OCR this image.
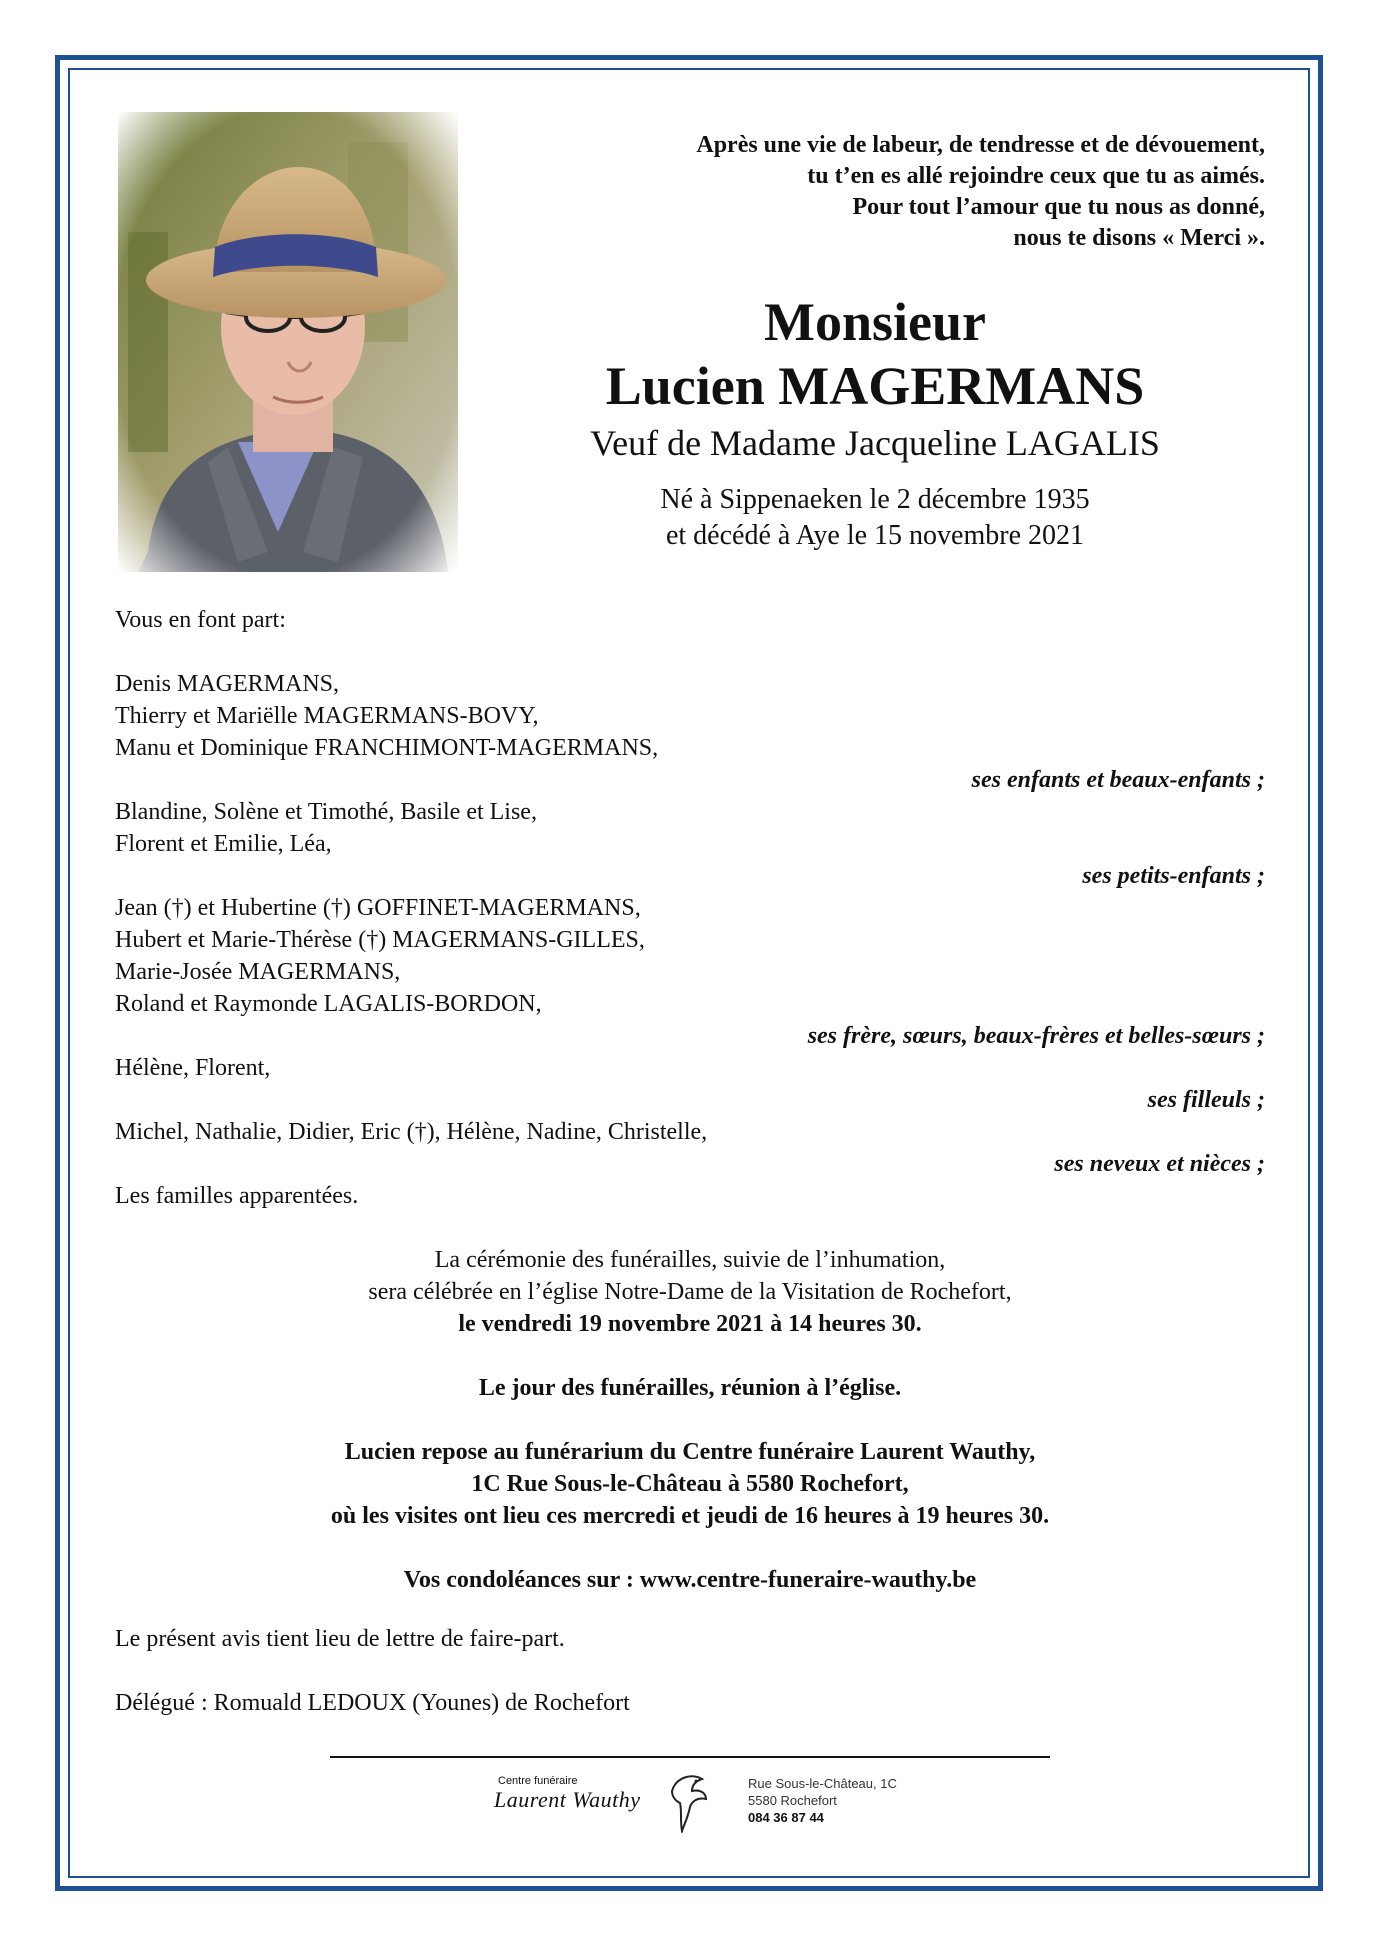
Après une vie de labeur, de tendresse et de dévouement,
tu t’en es allé rejoindre ceux que tu as aimés.
Pour tout l’amour que tu nous as donné,
nous te disons « Merci ».
Monsieur
Lucien MAGERMANS
Veuf de Madame Jacqueline LAGALIS
Né à Sippenaeken le 2 décembre 1935
et décédé à Aye le 15 novembre 2021
Vous en font part:
Denis MAGERMANS,
Thierry et Mariëlle MAGERMANS-BOVY,
Manu et Dominique FRANCHIMONT-MAGERMANS,
ses enfants et beaux-enfants ;
Blandine, Solène et Timothé, Basile et Lise,
Florent et Emilie, Léa,
ses petits-enfants ;
Jean (†) et Hubertine (†) GOFFINET-MAGERMANS,
Hubert et Marie-Thérèse (†) MAGERMANS-GILLES,
Marie-Josée MAGERMANS,
Roland et Raymonde LAGALIS-BORDON,
ses frère, sœurs, beaux-frères et belles-sœurs ;
Hélène, Florent,
ses filleuls ;
Michel, Nathalie, Didier, Eric (†), Hélène, Nadine, Christelle,
ses neveux et nièces ;
Les familles apparentées.
La cérémonie des funérailles, suivie de l’inhumation,
sera célébrée en l’église Notre-Dame de la Visitation de Rochefort,
le vendredi 19 novembre 2021 à 14 heures 30.
Le jour des funérailles, réunion à l’église.
Lucien repose au funérarium du Centre funéraire Laurent Wauthy,
1C Rue Sous-le-Château à 5580 Rochefort,
où les visites ont lieu ces mercredi et jeudi de 16 heures à 19 heures 30.
Vos condoléances sur : www.centre-funeraire-wauthy.be
Le présent avis tient lieu de lettre de faire-part.
Délégué : Romuald LEDOUX (Younes) de Rochefort
Centre funéraire
Laurent Wauthy
Rue Sous-le-Château, 1C
5580 Rochefort
084 36 87 44
